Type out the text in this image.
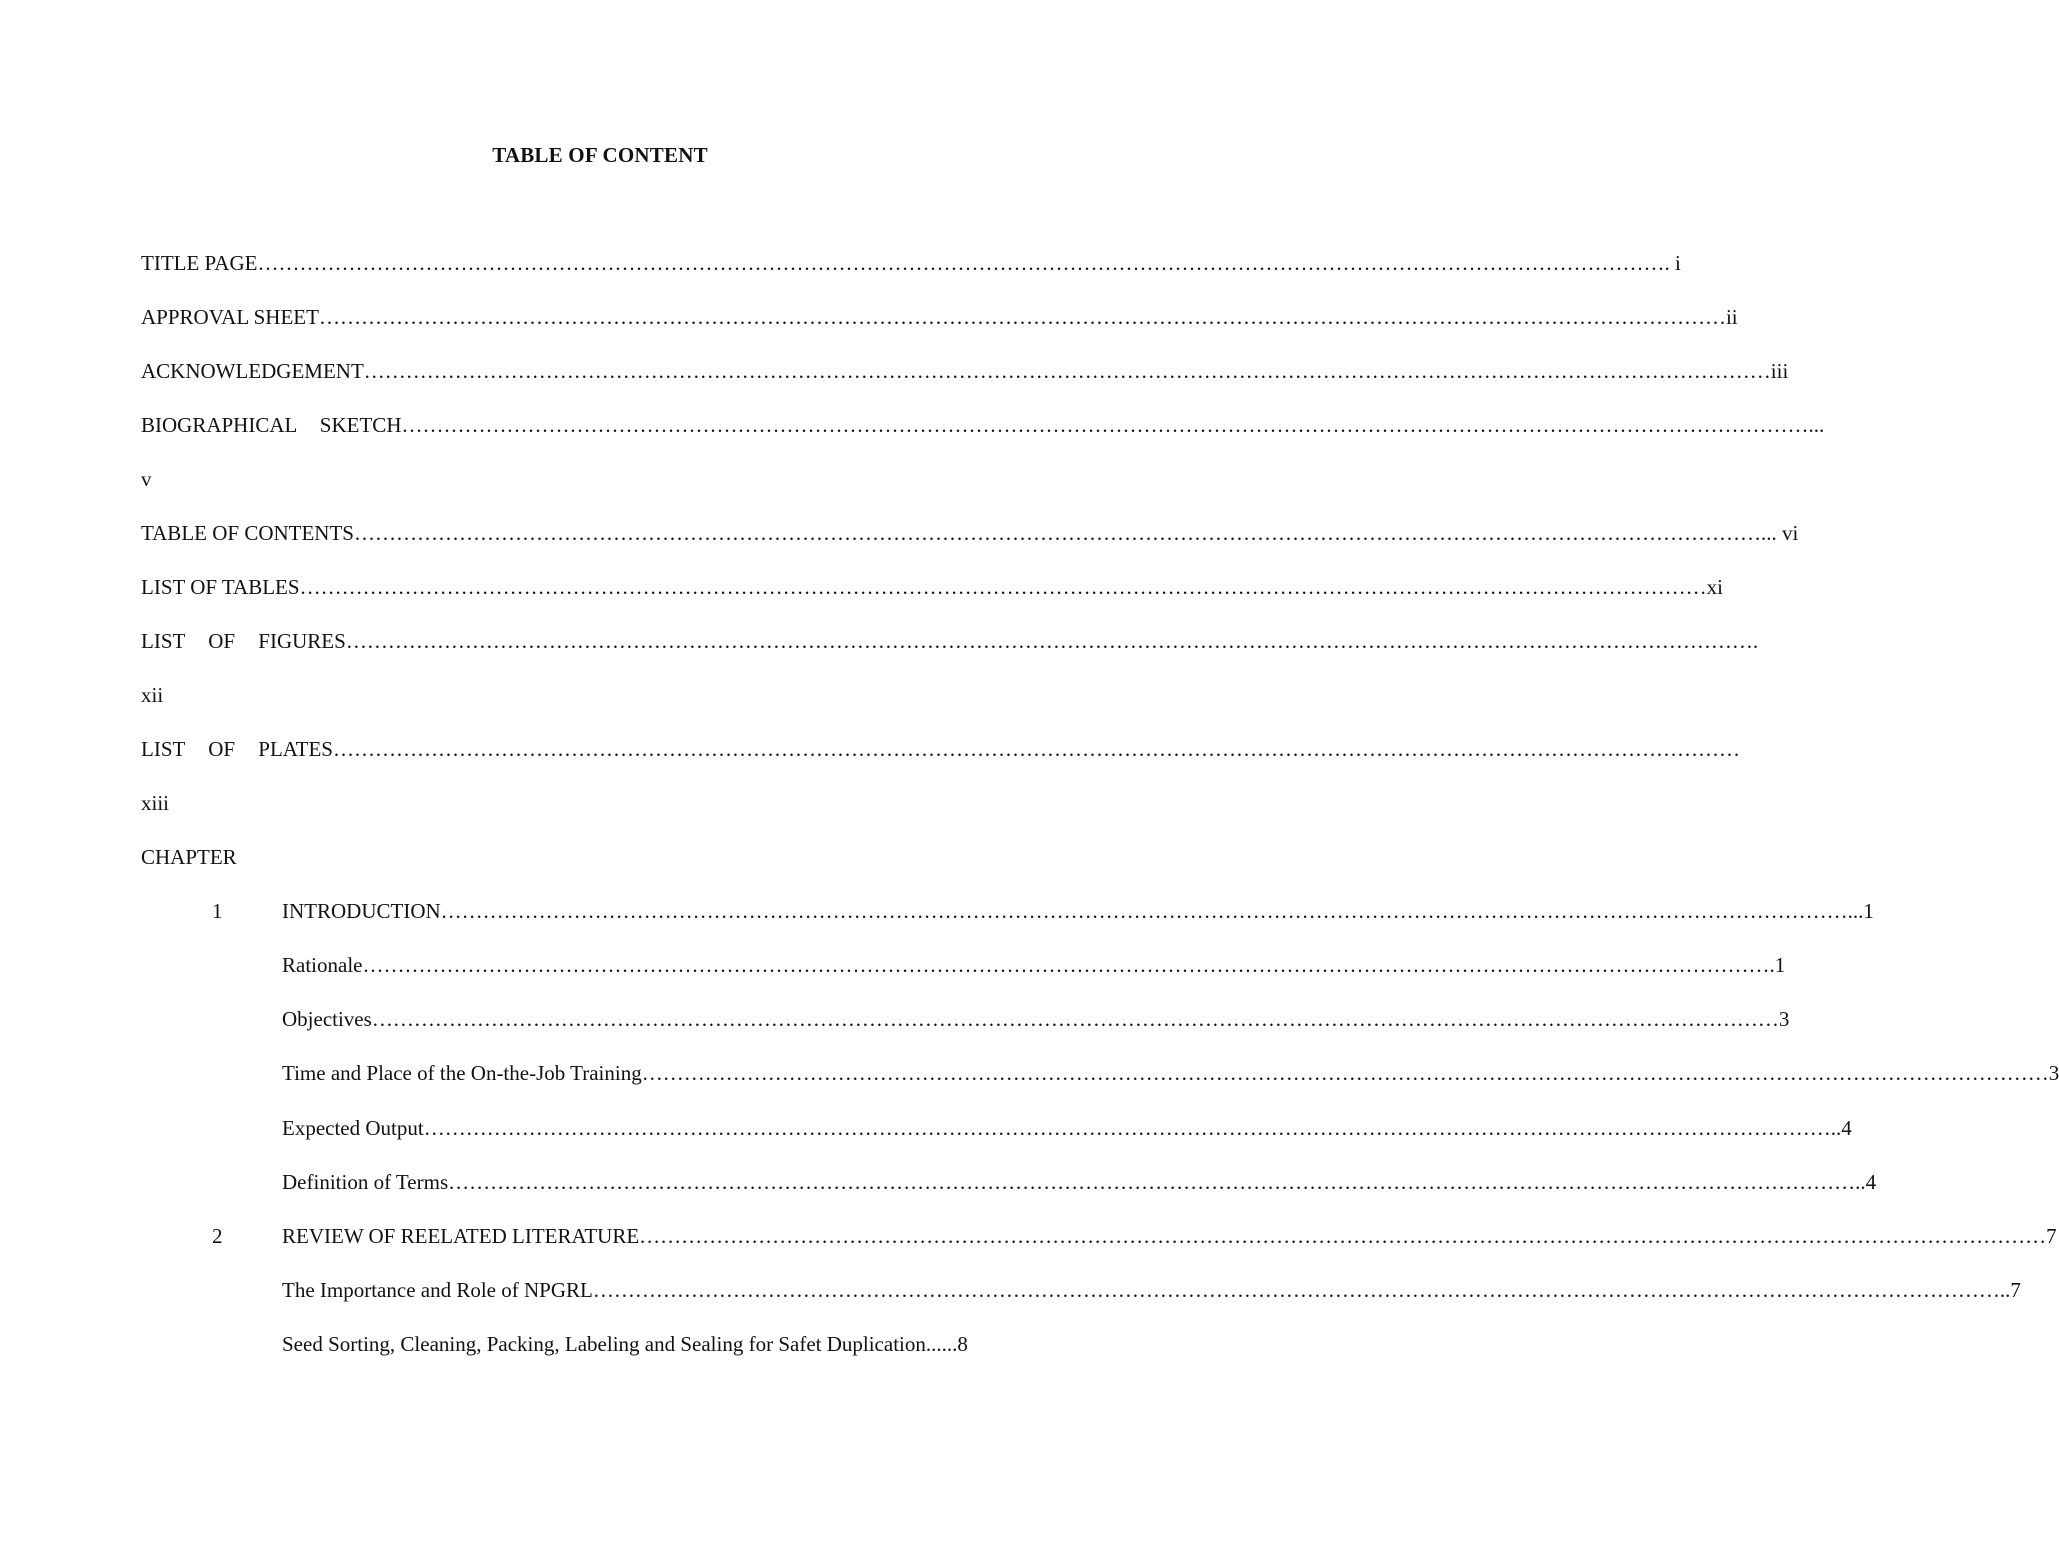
TABLE OF CONTENT
TITLE PAGE ………………………………………………………………………………………………………………………………………………………………………………… . i
APPROVAL SHEET ………………………………………………………………………………………………………………………………………………………………………………… ii
ACKNOWLEDGEMENT ………………………………………………………………………………………………………………………………………………………………………………… iii
BIOGRAPHICAL SKETCH ………………………………………………………………………………………………………………………………………………………………………………… ...
v
TABLE OF CONTENTS ………………………………………………………………………………………………………………………………………………………………………………… ... vi
LIST OF TABLES ………………………………………………………………………………………………………………………………………………………………………………… xi
LIST OF FIGURES ………………………………………………………………………………………………………………………………………………………………………………… .
xii
LIST OF PLATES …………………………………………………………………………………………………………………………………………………………………………………
xiii
CHAPTER
1	INTRODUCTION ………………………………………………………………………………………………………………………………………………………………………………… ...1
Rationale ………………………………………………………………………………………………………………………………………………………………………………… .1
Objectives ………………………………………………………………………………………………………………………………………………………………………………… 3
Time and Place of the On-the-Job Training ………………………………………………………………………………………………………………………………………………………………………………… 3
Expected Output ………………………………………………………………………………………………………………………………………………………………………………… ..4
Definition of Terms ………………………………………………………………………………………………………………………………………………………………………………… ..4
2	REVIEW OF REELATED LITERATURE ………………………………………………………………………………………………………………………………………………………………………………… 7
The Importance and Role of NPGRL ………………………………………………………………………………………………………………………………………………………………………………… ..7
Seed Sorting, Cleaning, Packing, Labeling and Sealing for Safet Duplication ......8
